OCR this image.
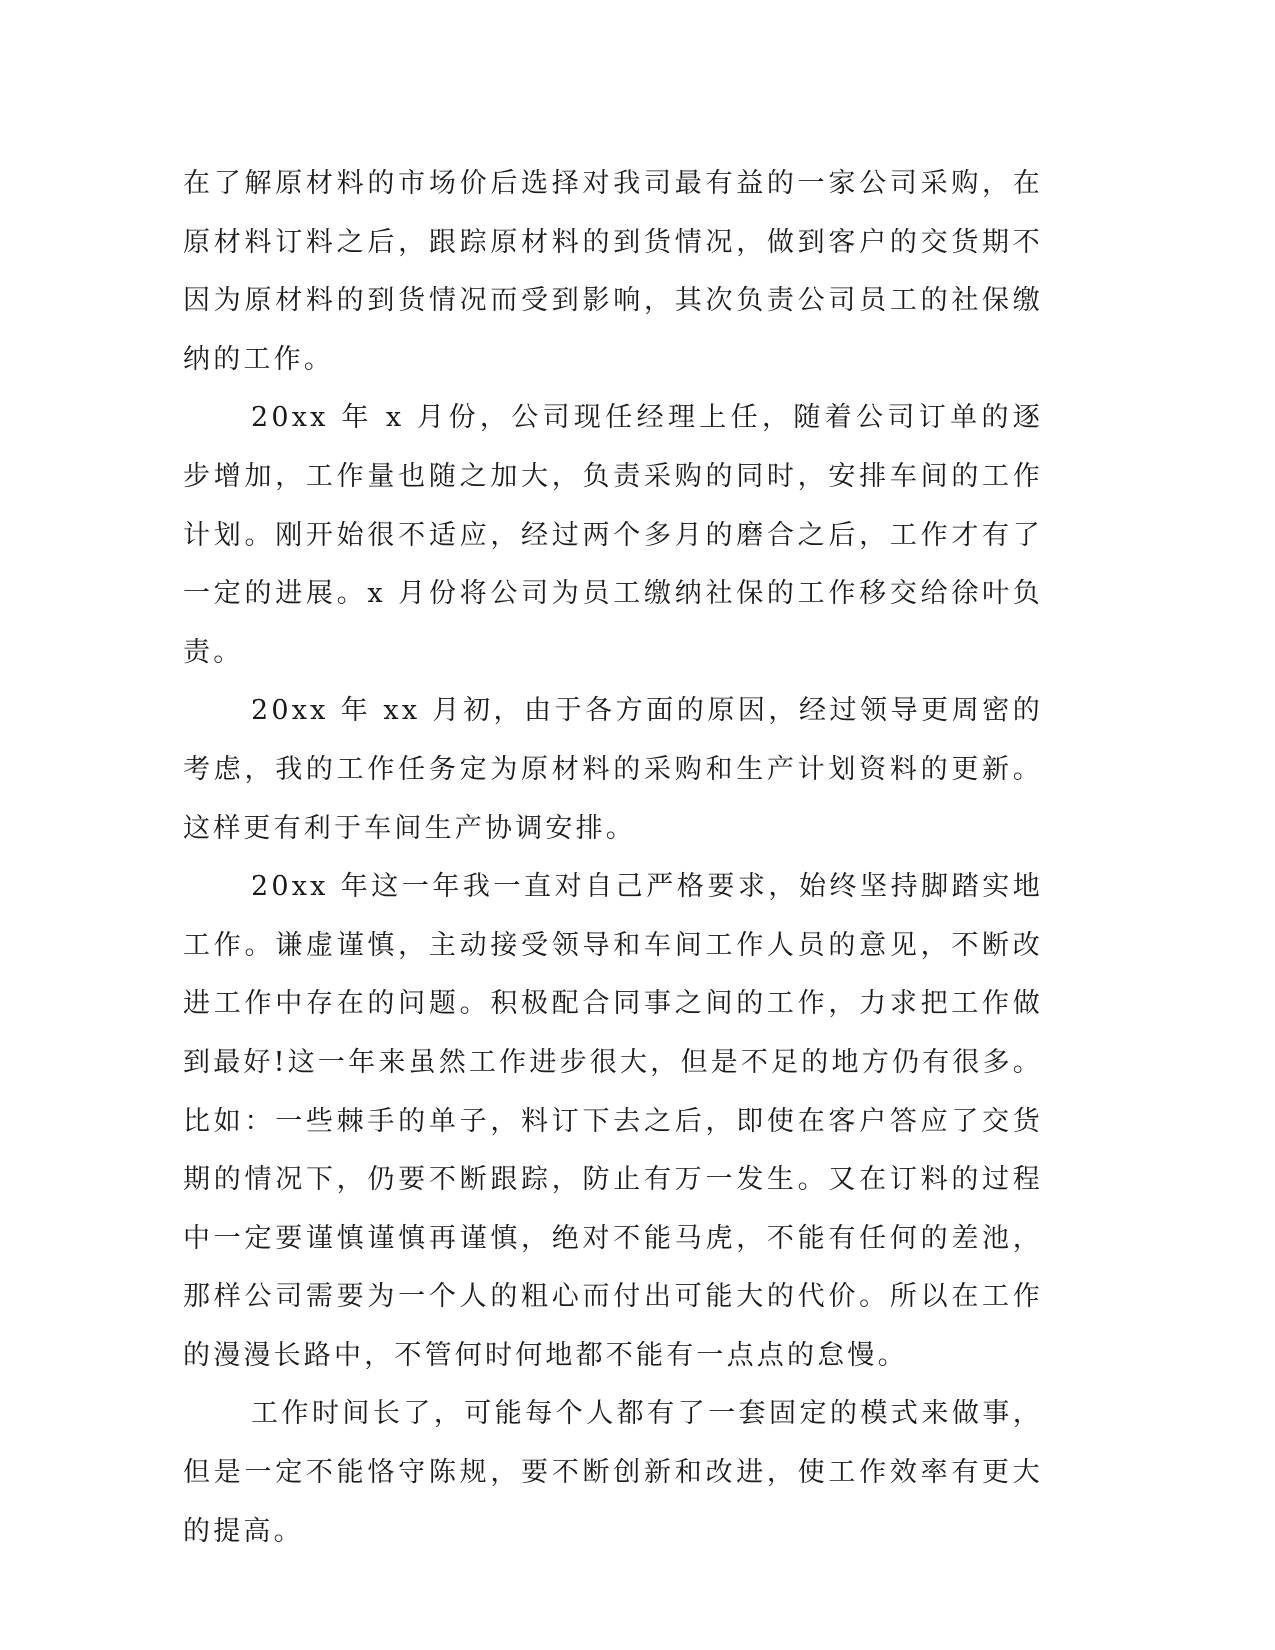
在了解原材料的市场价后选择对我司最有益的一家公司采购，在原材料订料之后，跟踪原材料的到货情况，做到客户的交货期不因为原材料的到货情况而受到影响，其次负责公司员工的社保缴纳的工作。

20xx 年 x 月份，公司现任经理上任，随着公司订单的逐步增加，工作量也随之加大，负责采购的同时，安排车间的工作计划。刚开始很不适应，经过两个多月的磨合之后，工作才有了一定的进展。x 月份将公司为员工缴纳社保的工作移交给徐叶负责。

20xx 年 xx 月初，由于各方面的原因，经过领导更周密的考虑，我的工作任务定为原材料的采购和生产计划资料的更新。这样更有利于车间生产协调安排。

20xx 年这一年我一直对自己严格要求，始终坚持脚踏实地工作。谦虚谨慎，主动接受领导和车间工作人员的意见，不断改进工作中存在的问题。积极配合同事之间的工作，力求把工作做到最好!这一年来虽然工作进步很大，但是不足的地方仍有很多。比如：一些棘手的单子，料订下去之后，即使在客户答应了交货期的情况下，仍要不断跟踪，防止有万一发生。又在订料的过程中一定要谨慎谨慎再谨慎，绝对不能马虎，不能有任何的差池，那样公司需要为一个人的粗心而付出可能大的代价。所以在工作的漫漫长路中，不管何时何地都不能有一点点的怠慢。

工作时间长了，可能每个人都有了一套固定的模式来做事，但是一定不能恪守陈规，要不断创新和改进，使工作效率有更大的提高。
